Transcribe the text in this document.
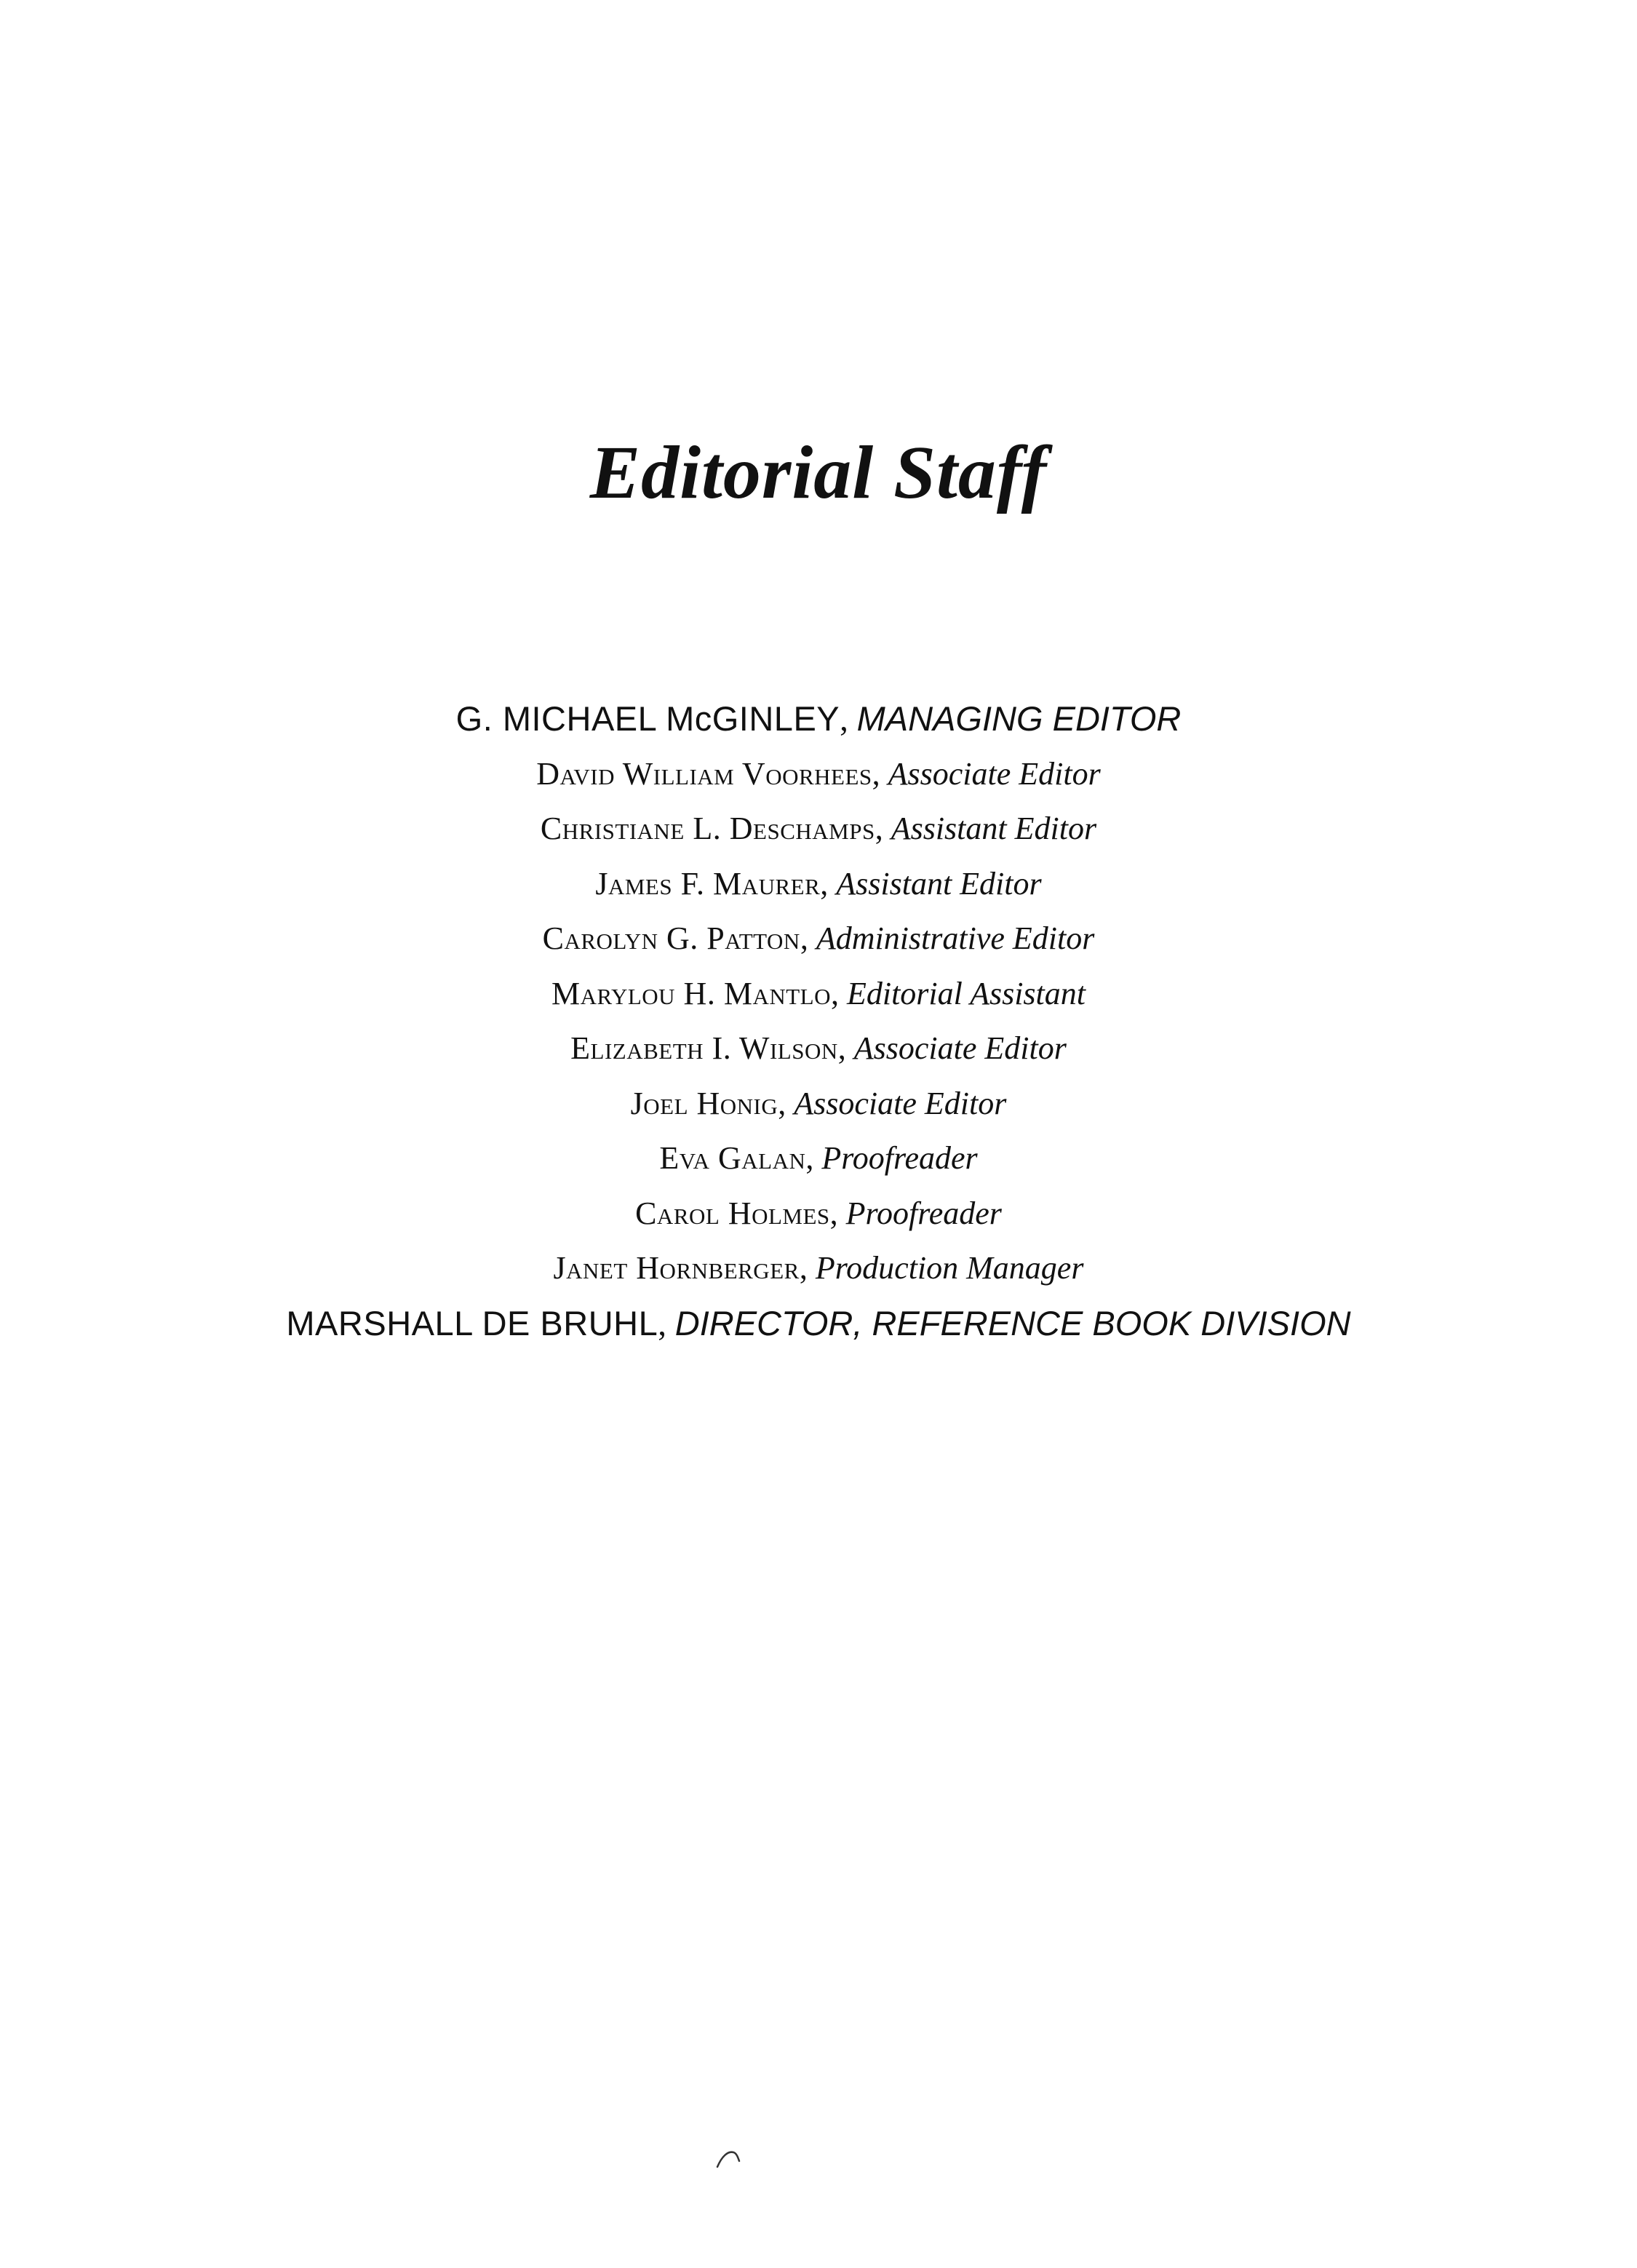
Editorial Staff
G. MICHAEL McGINLEY, MANAGING EDITOR
David William Voorhees, Associate Editor
Christiane L. Deschamps, Assistant Editor
James F. Maurer, Assistant Editor
Carolyn G. Patton, Administrative Editor
Marylou H. Mantlo, Editorial Assistant
Elizabeth I. Wilson, Associate Editor
Joel Honig, Associate Editor
Eva Galan, Proofreader
Carol Holmes, Proofreader
Janet Hornberger, Production Manager
MARSHALL DE BRUHL, DIRECTOR, REFERENCE BOOK DIVISION
